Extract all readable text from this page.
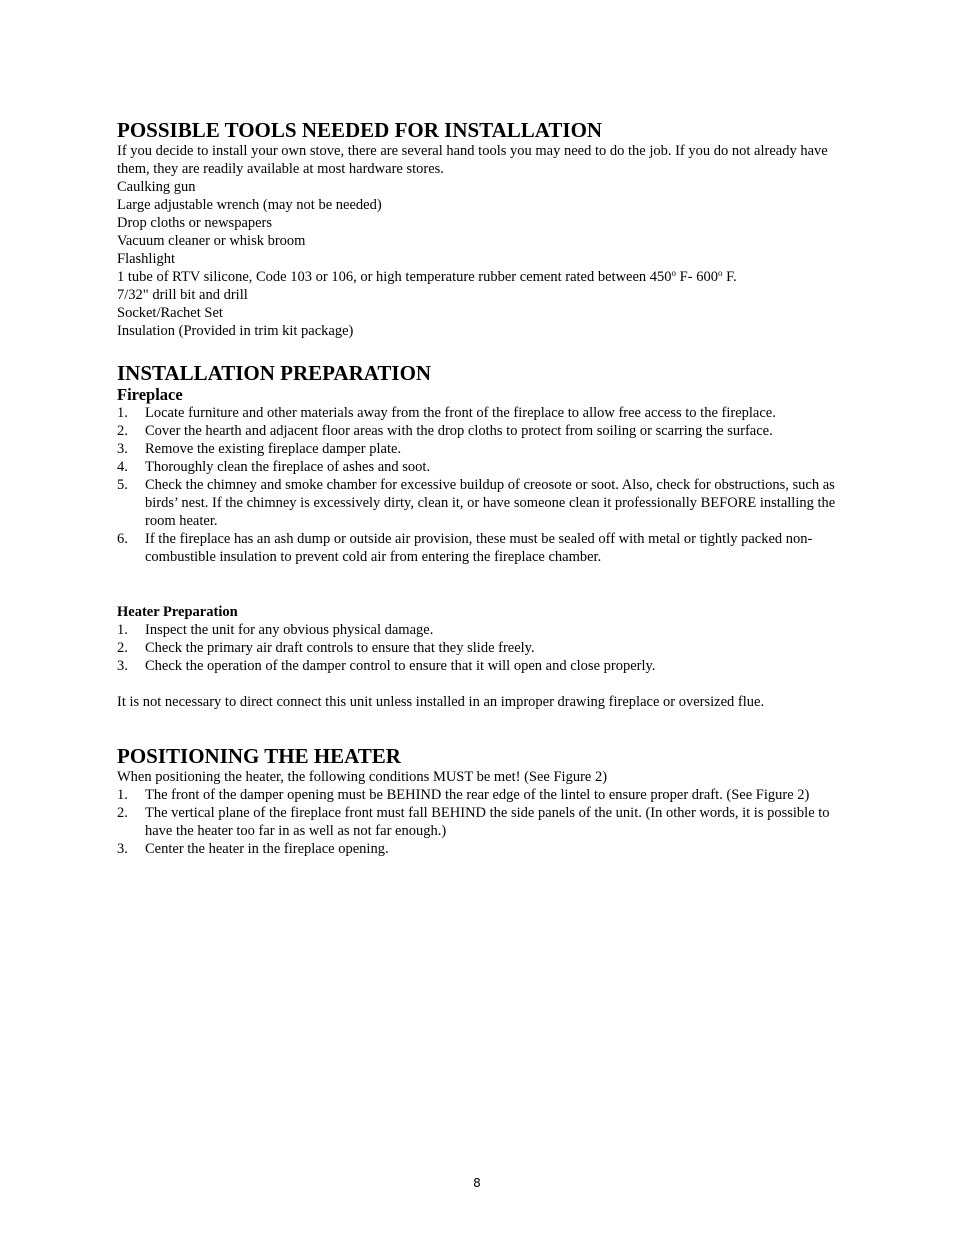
POSSIBLE TOOLS NEEDED FOR INSTALLATION

If you decide to install your own stove, there are several hand tools you may need to do the job. If you do not already have them, they are readily available at most hardware stores.

Caulking gun

Large adjustable wrench (may not be needed)

Drop cloths or newspapers

Vacuum cleaner or whisk broom

Flashlight

1 tube of RTV silicone, Code 103 or 106, or high temperature rubber cement rated between 450$^o$ F- 600$^o$ F.

7/32" drill bit and drill

Socket/Rachet Set

Insulation (Provided in trim kit package)

INSTALLATION PREPARATION
Fireplace
1.	Locate furniture and other materials away from the front of the fireplace to allow free access to the fireplace.
2.	Cover the hearth and adjacent floor areas with the drop cloths to protect from soiling or scarring the surface.
3.	Remove the existing fireplace damper plate.
4.	Thoroughly clean the fireplace of ashes and soot.
5.	Check the chimney and smoke chamber for excessive buildup of creosote or soot. Also, check for obstructions, such as birds’ nest. If the chimney is excessively dirty, clean it, or have someone clean it professionally BEFORE installing the room heater.
6.	If the fireplace has an ash dump or outside air provision, these must be sealed off with metal or tightly packed non-combustible insulation to prevent cold air from entering the fireplace chamber.
Heater Preparation
1.	Inspect the unit for any obvious physical damage.
2.	Check the primary air draft controls to ensure that they slide freely.
3.	Check the operation of the damper control to ensure that it will open and close properly.

It is not necessary to direct connect this unit unless installed in an improper drawing fireplace or oversized flue.

POSITIONING THE HEATER

When positioning the heater, the following conditions MUST be met! (See Figure 2)

1.	The front of the damper opening must be BEHIND the rear edge of the lintel to ensure proper draft. (See Figure 2)
2.	The vertical plane of the fireplace front must fall BEHIND the side panels of the unit. (In other words, it is possible to have the heater too far in as well as not far enough.)
3.	Center the heater in the fireplace opening.
8
